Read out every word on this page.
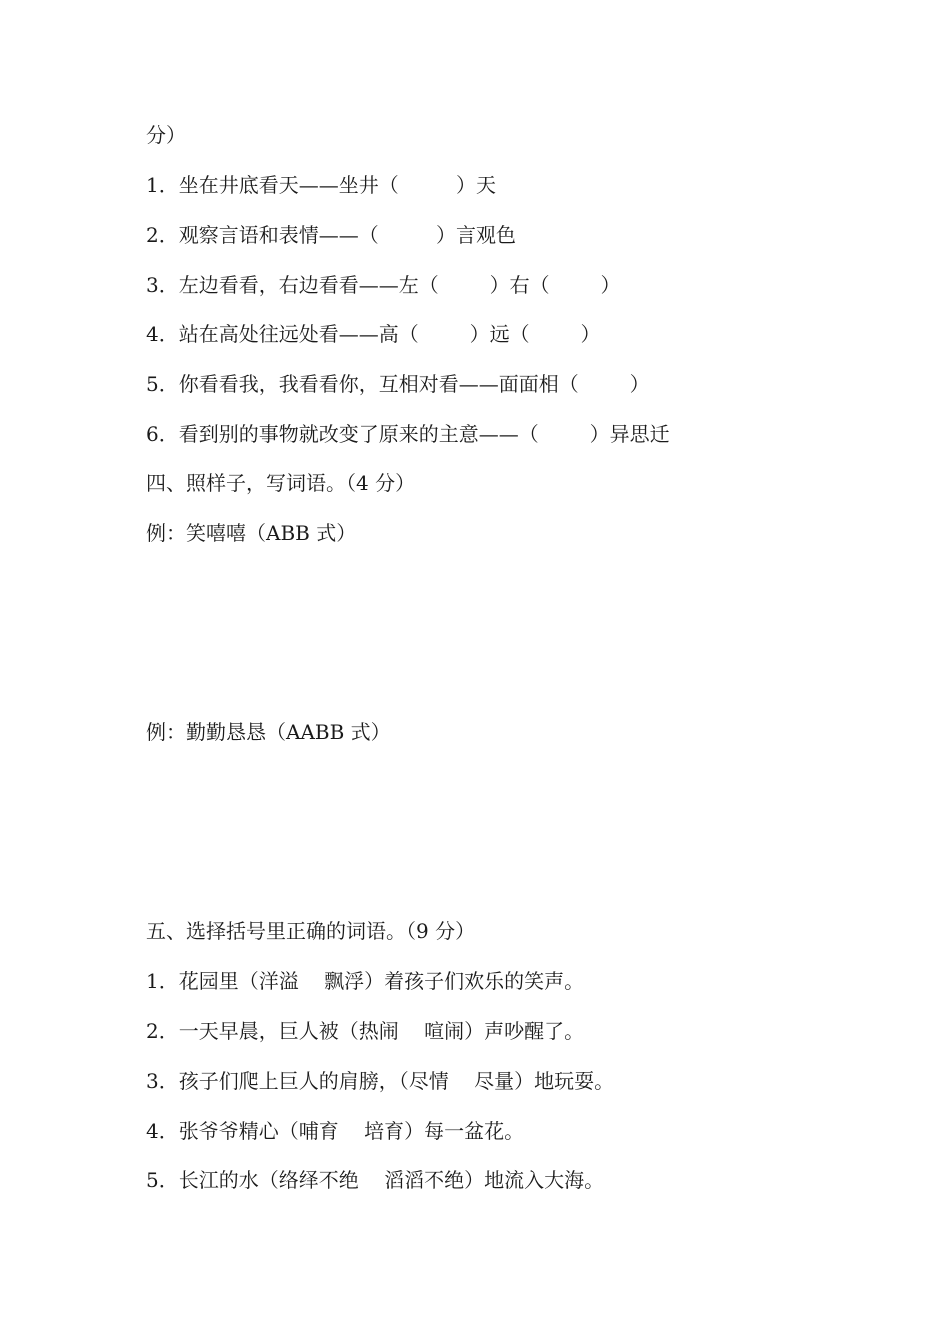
分）

1．坐在井底看天——坐井（         ）天

2．观察言语和表情——（         ）言观色

3．左边看看，右边看看——左（        ）右（        ）

4．站在高处往远处看——高（        ）远（        ）

5．你看看我，我看看你，互相对看——面面相（        ）

6．看到别的事物就改变了原来的主意——（        ）异思迁

四、照样子，写词语。（4 分）

例：笑嘻嘻（ABB 式）

例：勤勤恳恳（AABB 式）

五、选择括号里正确的词语。（9 分）

1．花园里（洋溢    飘浮）着孩子们欢乐的笑声。

2．一天早晨，巨人被（热闹    喧闹）声吵醒了。

3．孩子们爬上巨人的肩膀，（尽情    尽量）地玩耍。

4．张爷爷精心（哺育    培育）每一盆花。

5．长江的水（络绎不绝    滔滔不绝）地流入大海。
